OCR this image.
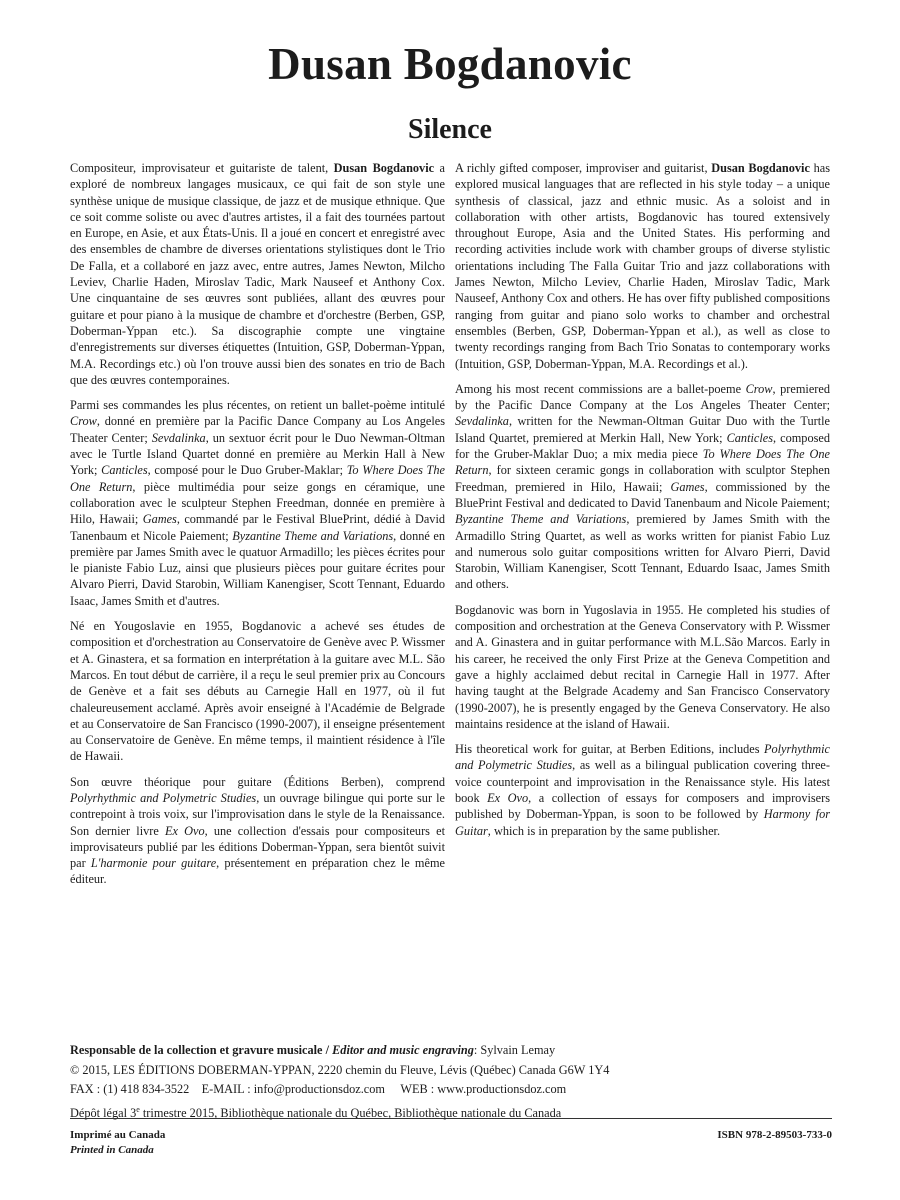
Dusan Bogdanovic
Silence

Compositeur, improvisateur et guitariste de talent, Dusan Bogdanovic a exploré de nombreux langages musicaux, ce qui fait de son style une synthèse unique de musique classique, de jazz et de musique ethnique. Que ce soit comme soliste ou avec d'autres artistes, il a fait des tournées partout en Europe, en Asie, et aux États-Unis. Il a joué en concert et enregistré avec des ensembles de chambre de diverses orientations stylistiques dont le Trio De Falla, et a collaboré en jazz avec, entre autres, James Newton, Milcho Leviev, Charlie Haden, Miroslav Tadic, Mark Nauseef et Anthony Cox. Une cinquantaine de ses œuvres sont publiées, allant des œuvres pour guitare et pour piano à la musique de chambre et d'orchestre (Berben, GSP, Doberman-Yppan etc.). Sa discographie compte une vingtaine d'enregistrements sur diverses étiquettes (Intuition, GSP, Doberman-Yppan, M.A. Recordings etc.) où l'on trouve aussi bien des sonates en trio de Bach que des œuvres contemporaines.

Parmi ses commandes les plus récentes, on retient un ballet-poème intitulé Crow, donné en première par la Pacific Dance Company au Los Angeles Theater Center; Sevdalinka, un sextuor écrit pour le Duo Newman-Oltman avec le Turtle Island Quartet donné en première au Merkin Hall à New York; Canticles, composé pour le Duo Gruber-Maklar; To Where Does The One Return, pièce multimédia pour seize gongs en céramique, une collaboration avec le sculpteur Stephen Freedman, donnée en première à Hilo, Hawaii; Games, commandé par le Festival BluePrint, dédié à David Tanenbaum et Nicole Paiement; Byzantine Theme and Variations, donné en première par James Smith avec le quatuor Armadillo; les pièces écrites pour le pianiste Fabio Luz, ainsi que plusieurs pièces pour guitare écrites pour Alvaro Pierri, David Starobin, William Kanengiser, Scott Tennant, Eduardo Isaac, James Smith et d'autres.

Né en Yougoslavie en 1955, Bogdanovic a achevé ses études de composition et d'orchestration au Conservatoire de Genève avec P. Wissmer et A. Ginastera, et sa formation en interprétation à la guitare avec M.L. São Marcos. En tout début de carrière, il a reçu le seul premier prix au Concours de Genève et a fait ses débuts au Carnegie Hall en 1977, où il fut chaleureusement acclamé. Après avoir enseigné à l'Académie de Belgrade et au Conservatoire de San Francisco (1990-2007), il enseigne présentement au Conservatoire de Genève. En même temps, il maintient résidence à l'île de Hawaii.

Son œuvre théorique pour guitare (Éditions Berben), comprend Polyrhythmic and Polymetric Studies, un ouvrage bilingue qui porte sur le contrepoint à trois voix, sur l'improvisation dans le style de la Renaissance. Son dernier livre Ex Ovo, une collection d'essais pour compositeurs et improvisateurs publié par les éditions Doberman-Yppan, sera bientôt suivit par L'harmonie pour guitare, présentement en préparation chez le même éditeur.

A richly gifted composer, improviser and guitarist, Dusan Bogdanovic has explored musical languages that are reflected in his style today – a unique synthesis of classical, jazz and ethnic music. As a soloist and in collaboration with other artists, Bogdanovic has toured extensively throughout Europe, Asia and the United States. His performing and recording activities include work with chamber groups of diverse stylistic orientations including The Falla Guitar Trio and jazz collaborations with James Newton, Milcho Leviev, Charlie Haden, Miroslav Tadic, Mark Nauseef, Anthony Cox and others. He has over fifty published compositions ranging from guitar and piano solo works to chamber and orchestral ensembles (Berben, GSP, Doberman-Yppan et al.), as well as close to twenty recordings ranging from Bach Trio Sonatas to contemporary works (Intuition, GSP, Doberman-Yppan, M.A. Recordings et al.).

Among his most recent commissions are a ballet-poeme Crow, premiered by the Pacific Dance Company at the Los Angeles Theater Center; Sevdalinka, written for the Newman-Oltman Guitar Duo with the Turtle Island Quartet, premiered at Merkin Hall, New York; Canticles, composed for the Gruber-Maklar Duo; a mix media piece To Where Does The One Return, for sixteen ceramic gongs in collaboration with sculptor Stephen Freedman, premiered in Hilo, Hawaii; Games, commissioned by the BluePrint Festival and dedicated to David Tanenbaum and Nicole Paiement; Byzantine Theme and Variations, premiered by James Smith with the Armadillo String Quartet, as well as works written for pianist Fabio Luz and numerous solo guitar compositions written for Alvaro Pierri, David Starobin, William Kanengiser, Scott Tennant, Eduardo Isaac, James Smith and others.

Bogdanovic was born in Yugoslavia in 1955. He completed his studies of composition and orchestration at the Geneva Conservatory with P. Wissmer and A. Ginastera and in guitar performance with M.L.São Marcos. Early in his career, he received the only First Prize at the Geneva Competition and gave a highly acclaimed debut recital in Carnegie Hall in 1977. After having taught at the Belgrade Academy and San Francisco Conservatory (1990-2007), he is presently engaged by the Geneva Conservatory. He also maintains residence at the island of Hawaii.

His theoretical work for guitar, at Berben Editions, includes Polyrhythmic and Polymetric Studies, as well as a bilingual publication covering three- voice counterpoint and improvisation in the Renaissance style. His latest book Ex Ovo, a collection of essays for composers and improvisers published by Doberman-Yppan, is soon to be followed by Harmony for Guitar, which is in preparation by the same publisher.

Responsable de la collection et gravure musicale / Editor and music engraving: Sylvain Lemay
© 2015, LES ÉDITIONS DOBERMAN-YPPAN, 2220 chemin du Fleuve, Lévis (Québec) Canada G6W 1Y4
FAX : (1) 418 834-3522 E-MAIL : info@productionsdoz.com WEB : www.productionsdoz.com
Dépôt légal 3e trimestre 2015, Bibliothèque nationale du Québec, Bibliothèque nationale du Canada
Imprimé au Canada
Printed in Canada
ISBN 978-2-89503-733-0
